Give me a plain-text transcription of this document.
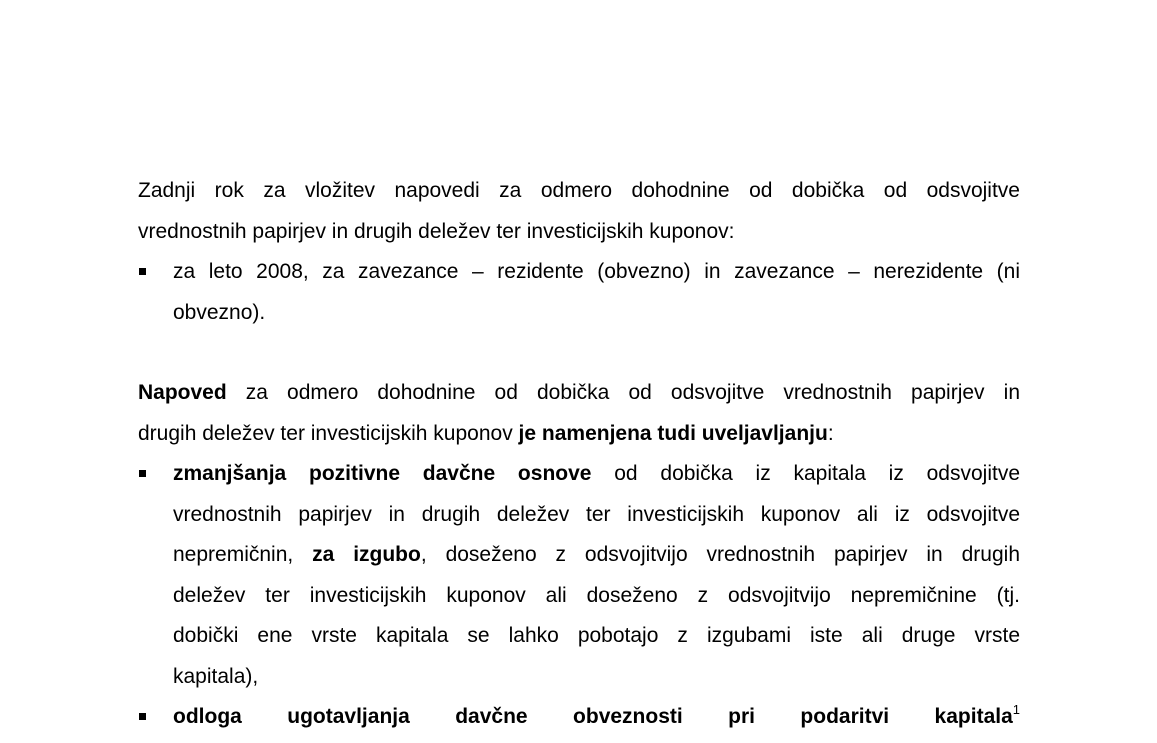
Zadnji rok za vložitev napovedi za odmero dohodnine od dobička od odsvojitve
vrednostnih papirjev in drugih deležev ter investicijskih kuponov:
za leto 2008, za zavezance – rezidente (obvezno) in zavezance – nerezidente (ni
obvezno).
Napoved za odmero dohodnine od dobička od odsvojitve vrednostnih papirjev in
drugih deležev ter investicijskih kuponov je namenjena tudi uveljavljanju:
zmanjšanja pozitivne davčne osnove od dobička iz kapitala iz odsvojitve
vrednostnih papirjev in drugih deležev ter investicijskih kuponov ali iz odsvojitve
nepremičnin, za izgubo, doseženo z odsvojitvijo vrednostnih papirjev in drugih
deležev ter investicijskih kuponov ali doseženo z odsvojitvijo nepremičnine (tj.
dobički ene vrste kapitala se lahko pobotajo z izgubami iste ali druge vrste
kapitala),
odloga ugotavljanja davčne obveznosti pri podaritvi kapitala$^1$
